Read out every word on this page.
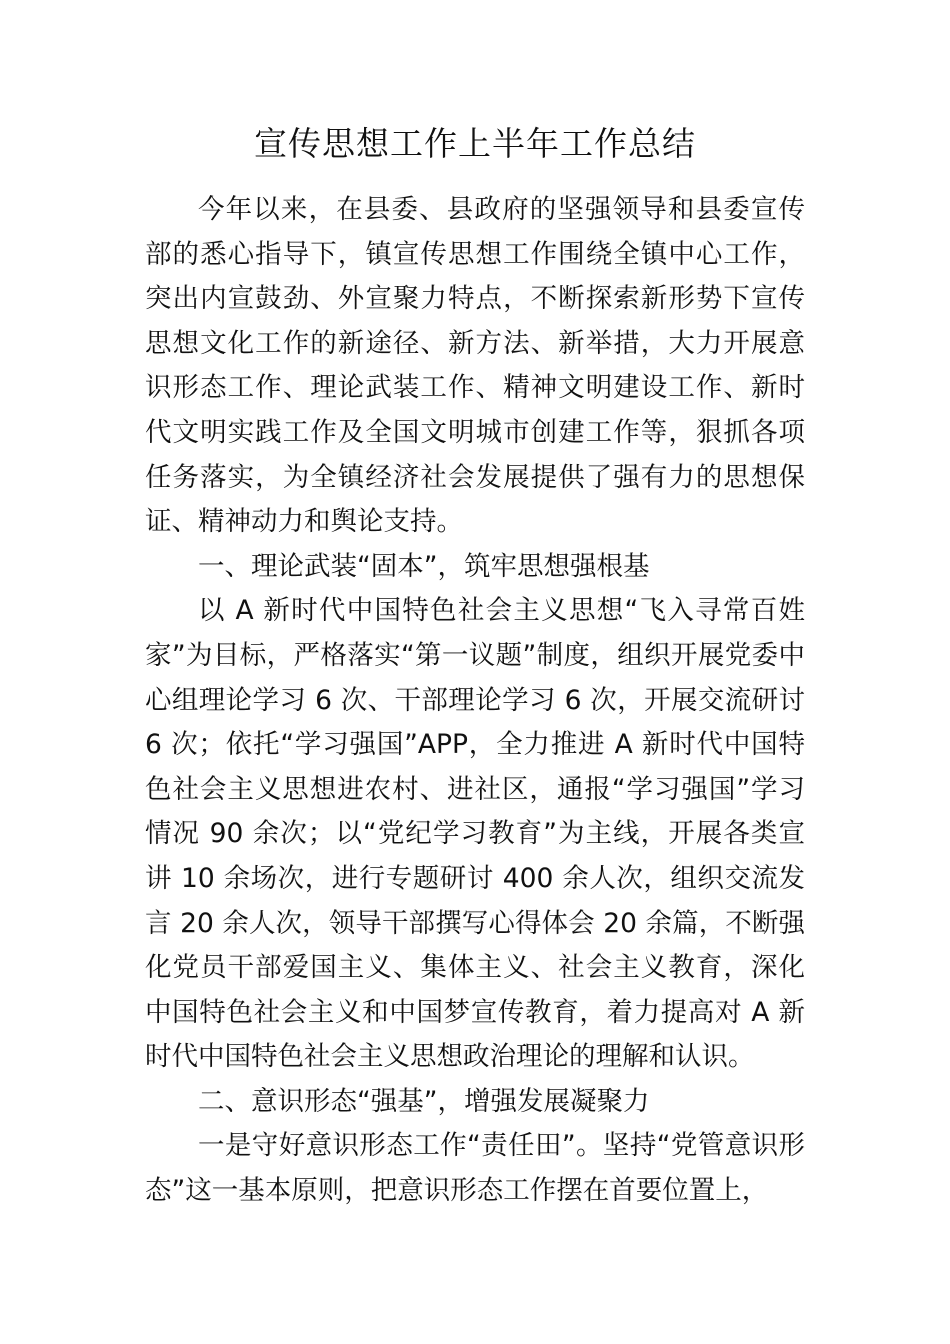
宣传思想工作上半年工作总结

今年以来，在县委、县政府的坚强领导和县委宣传部的悉心指导下，镇宣传思想工作围绕全镇中心工作，突出内宣鼓劲、外宣聚力特点，不断探索新形势下宣传思想文化工作的新途径、新方法、新举措，大力开展意识形态工作、理论武装工作、精神文明建设工作、新时代文明实践工作及全国文明城市创建工作等，狠抓各项任务落实，为全镇经济社会发展提供了强有力的思想保证、精神动力和舆论支持。

一、理论武装“固本”，筑牢思想强根基

以 A 新时代中国特色社会主义思想“飞入寻常百姓家”为目标，严格落实“第一议题”制度，组织开展党委中心组理论学习 6 次、干部理论学习 6 次，开展交流研讨 6 次；依托“学习强国”APP，全力推进 A 新时代中国特色社会主义思想进农村、进社区，通报“学习强国”学习情况 90 余次；以“党纪学习教育”为主线，开展各类宣讲 10 余场次，进行专题研讨 400 余人次，组织交流发言 20 余人次，领导干部撰写心得体会 20 余篇，不断强化党员干部爱国主义、集体主义、社会主义教育，深化中国特色社会主义和中国梦宣传教育，着力提高对 A 新时代中国特色社会主义思想政治理论的理解和认识。

二、意识形态“强基”，增强发展凝聚力

一是守好意识形态工作“责任田”。坚持“党管意识形态”这一基本原则，把意识形态工作摆在首要位置上，
